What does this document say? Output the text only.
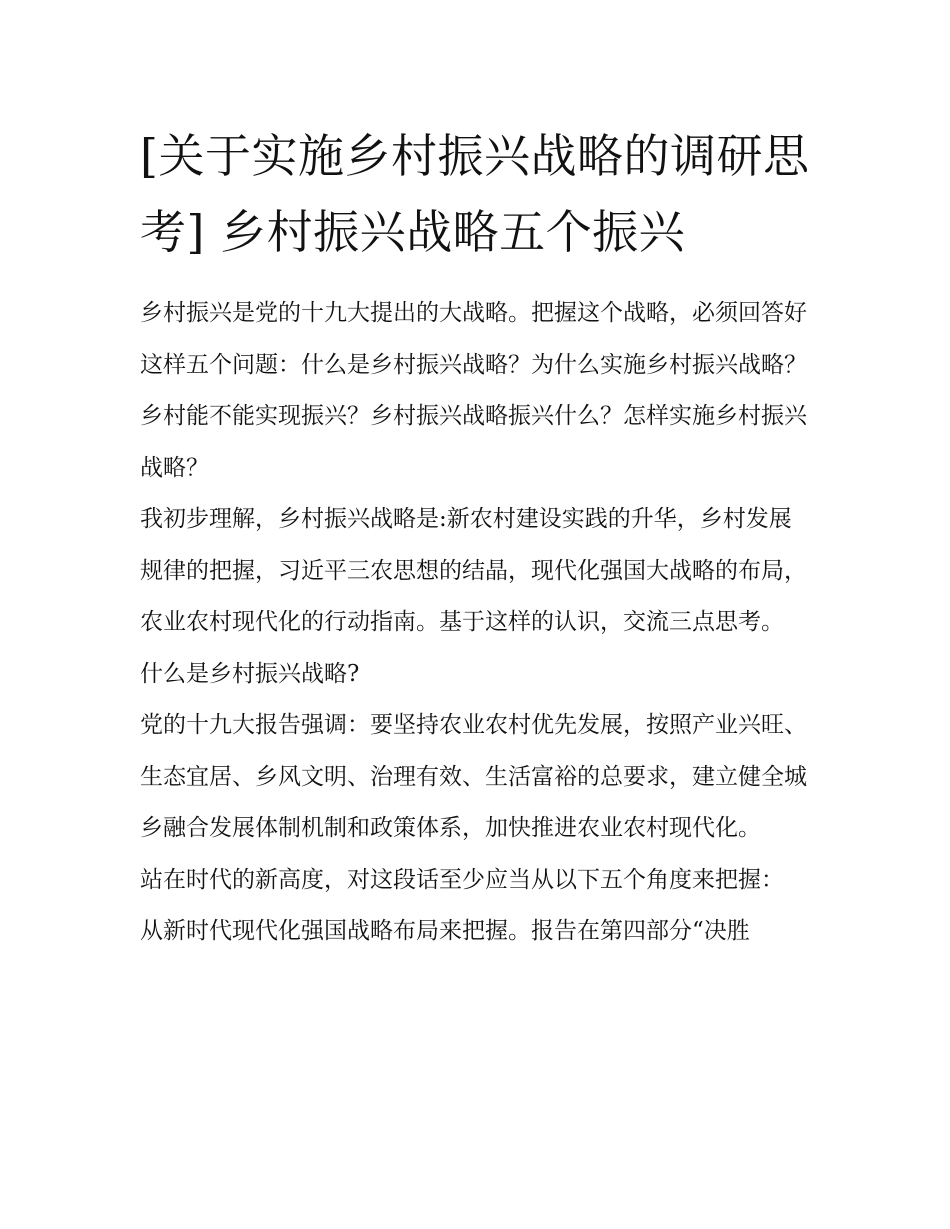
[关于实施乡村振兴战略的调研思考] 乡村振兴战略五个振兴

乡村振兴是党的十九大提出的大战略。把握这个战略，必须回答好这样五个问题：什么是乡村振兴战略？为什么实施乡村振兴战略？乡村能不能实现振兴？乡村振兴战略振兴什么？怎样实施乡村振兴战略？

我初步理解，乡村振兴战略是:新农村建设实践的升华，乡村发展规律的把握，习近平三农思想的结晶，现代化强国大战略的布局，农业农村现代化的行动指南。基于这样的认识，交流三点思考。

什么是乡村振兴战略?

党的十九大报告强调：要坚持农业农村优先发展，按照产业兴旺、生态宜居、乡风文明、治理有效、生活富裕的总要求，建立健全城乡融合发展体制机制和政策体系，加快推进农业农村现代化。

站在时代的新高度，对这段话至少应当从以下五个角度来把握：

从新时代现代化强国战略布局来把握。报告在第四部分“决胜
